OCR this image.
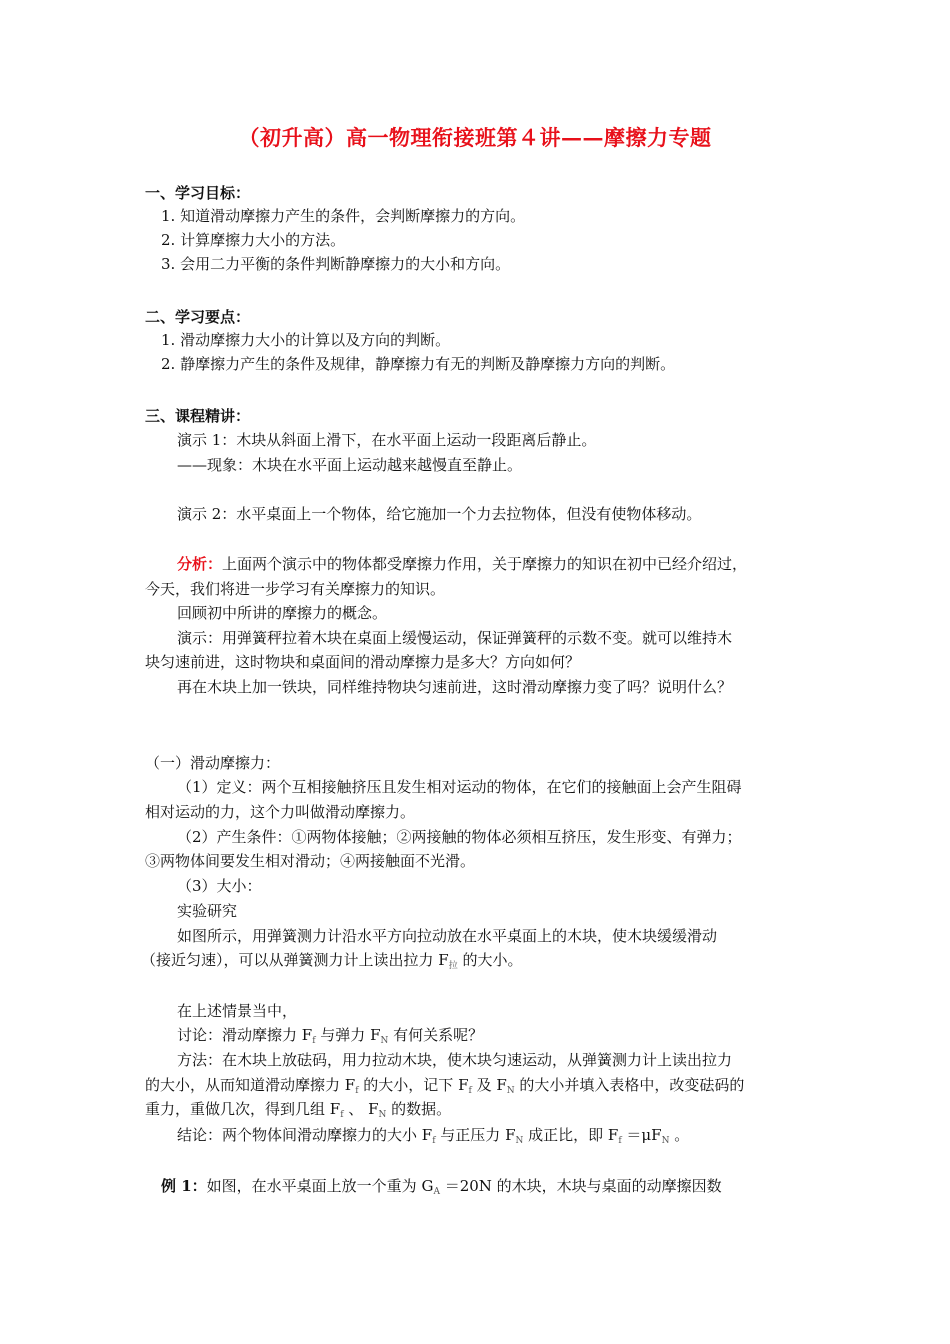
（初升高）高一物理衔接班第４讲——摩擦力专题
一、学习目标：
1. 知道滑动摩擦力产生的条件，会判断摩擦力的方向。
2. 计算摩擦力大小的方法。
3. 会用二力平衡的条件判断静摩擦力的大小和方向。
二、学习要点：
1. 滑动摩擦力大小的计算以及方向的判断。
2. 静摩擦力产生的条件及规律，静摩擦力有无的判断及静摩擦力方向的判断。
三、课程精讲：
演示 1：木块从斜面上滑下，在水平面上运动一段距离后静止。
——现象：木块在水平面上运动越来越慢直至静止。
演示 2：水平桌面上一个物体，给它施加一个力去拉物体，但没有使物体移动。
分析：上面两个演示中的物体都受摩擦力作用，关于摩擦力的知识在初中已经介绍过，
今天，我们将进一步学习有关摩擦力的知识。
回顾初中所讲的摩擦力的概念。
演示：用弹簧秤拉着木块在桌面上缓慢运动，保证弹簧秤的示数不变。就可以维持木
块匀速前进，这时物块和桌面间的滑动摩擦力是多大？方向如何？
再在木块上加一铁块，同样维持物块匀速前进，这时滑动摩擦力变了吗？说明什么？
（一）滑动摩擦力：
（1）定义：两个互相接触挤压且发生相对运动的物体，在它们的接触面上会产生阻碍
相对运动的力，这个力叫做滑动摩擦力。
（2）产生条件：①两物体接触；②两接触的物体必须相互挤压，发生形变、有弹力；
③两物体间要发生相对滑动；④两接触面不光滑。
（3）大小：
实验研究
如图所示，用弹簧测力计沿水平方向拉动放在水平桌面上的木块，使木块缓缓滑动
（接近匀速），可以从弹簧测力计上读出拉力 $F_拉$ 的大小。
在上述情景当中，
讨论：滑动摩擦力 $F_f$ 与弹力 $F_N$ 有何关系呢？
方法：在木块上放砝码，用力拉动木块，使木块匀速运动，从弹簧测力计上读出拉力
的大小，从而知道滑动摩擦力 $F_f$ 的大小，记下 $F_f$ 及 $F_N$ 的大小并填入表格中，改变砝码的
重力，重做几次，得到几组 $F_f$ 、 $F_N$ 的数据。
结论：两个物体间滑动摩擦力的大小 $F_f$ 与正压力 $F_N$ 成正比，即 $F_f =\mu F_N$ 。
例 1：如图，在水平桌面上放一个重为 $G_A =20N$ 的木块，木块与桌面的动摩擦因数
